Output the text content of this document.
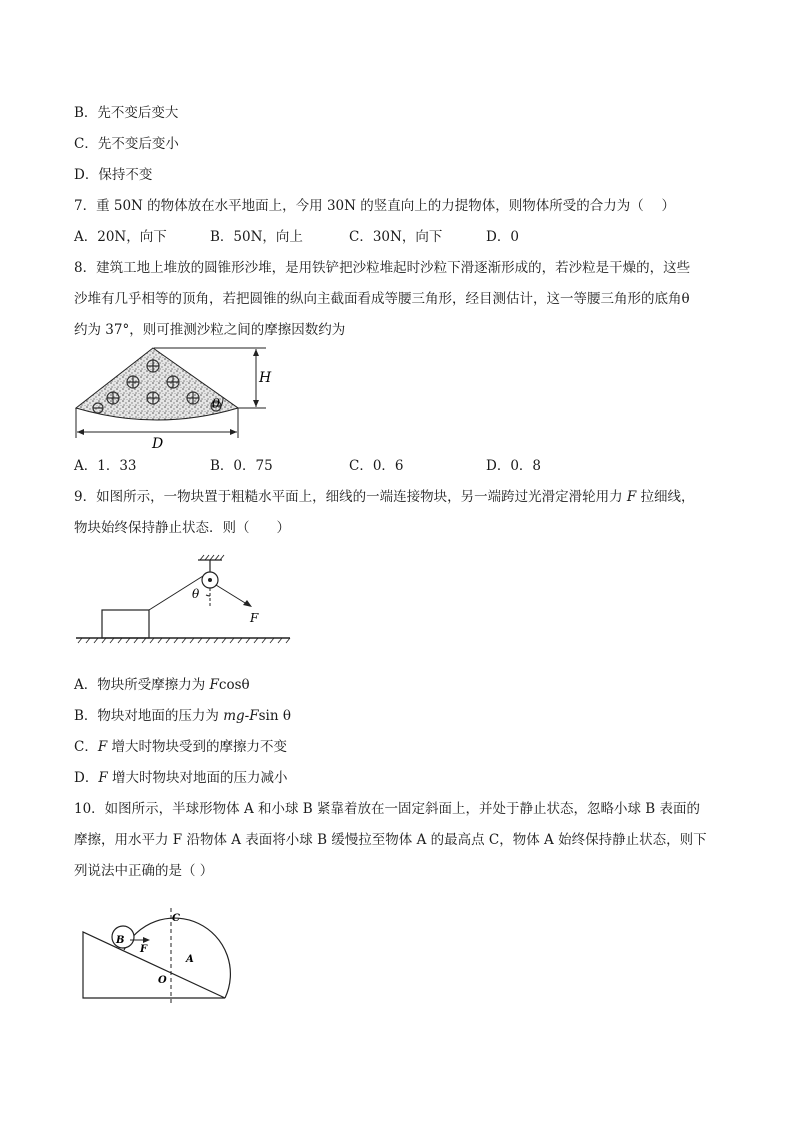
B．先不变后变大
C．先不变后变小
D．保持不变
7．重 50N 的物体放在水平地面上，今用 30N 的竖直向上的力提物体，则物体所受的合力为（　 ）
A．20N，向下	B．50N，向上	C．30N，向下	D．0
8．建筑工地上堆放的圆锥形沙堆，是用铁铲把沙粒堆起时沙粒下滑逐渐形成的，若沙粒是干燥的，这些
沙堆有几乎相等的顶角，若把圆锥的纵向主截面看成等腰三角形，经目测估计，这一等腰三角形的底角θ
约为 37°，则可推测沙粒之间的摩擦因数约为
θ
H
D
A．1．33	B．0．75	C．0．6	D．0．8
9．如图所示，一物块置于粗糙水平面上，细线的一端连接物块，另一端跨过光滑定滑轮用力 F 拉细线，
物块始终保持静止状态．则（　　）
θ
F
A．物块所受摩擦力为 Fcosθ
B．物块对地面的压力为 mg-Fsin θ
C．F 增大时物块受到的摩擦力不变
D．F 增大时物块对地面的压力减小
10．如图所示，半球形物体 A 和小球 B 紧靠着放在一固定斜面上，并处于静止状态，忽略小球 B 表面的
摩擦，用水平力 F 沿物体 A 表面将小球 B 缓慢拉至物体 A 的最高点 C，物体 A 始终保持静止状态，则下
列说法中正确的是（ ）
B
F
C
A
O
